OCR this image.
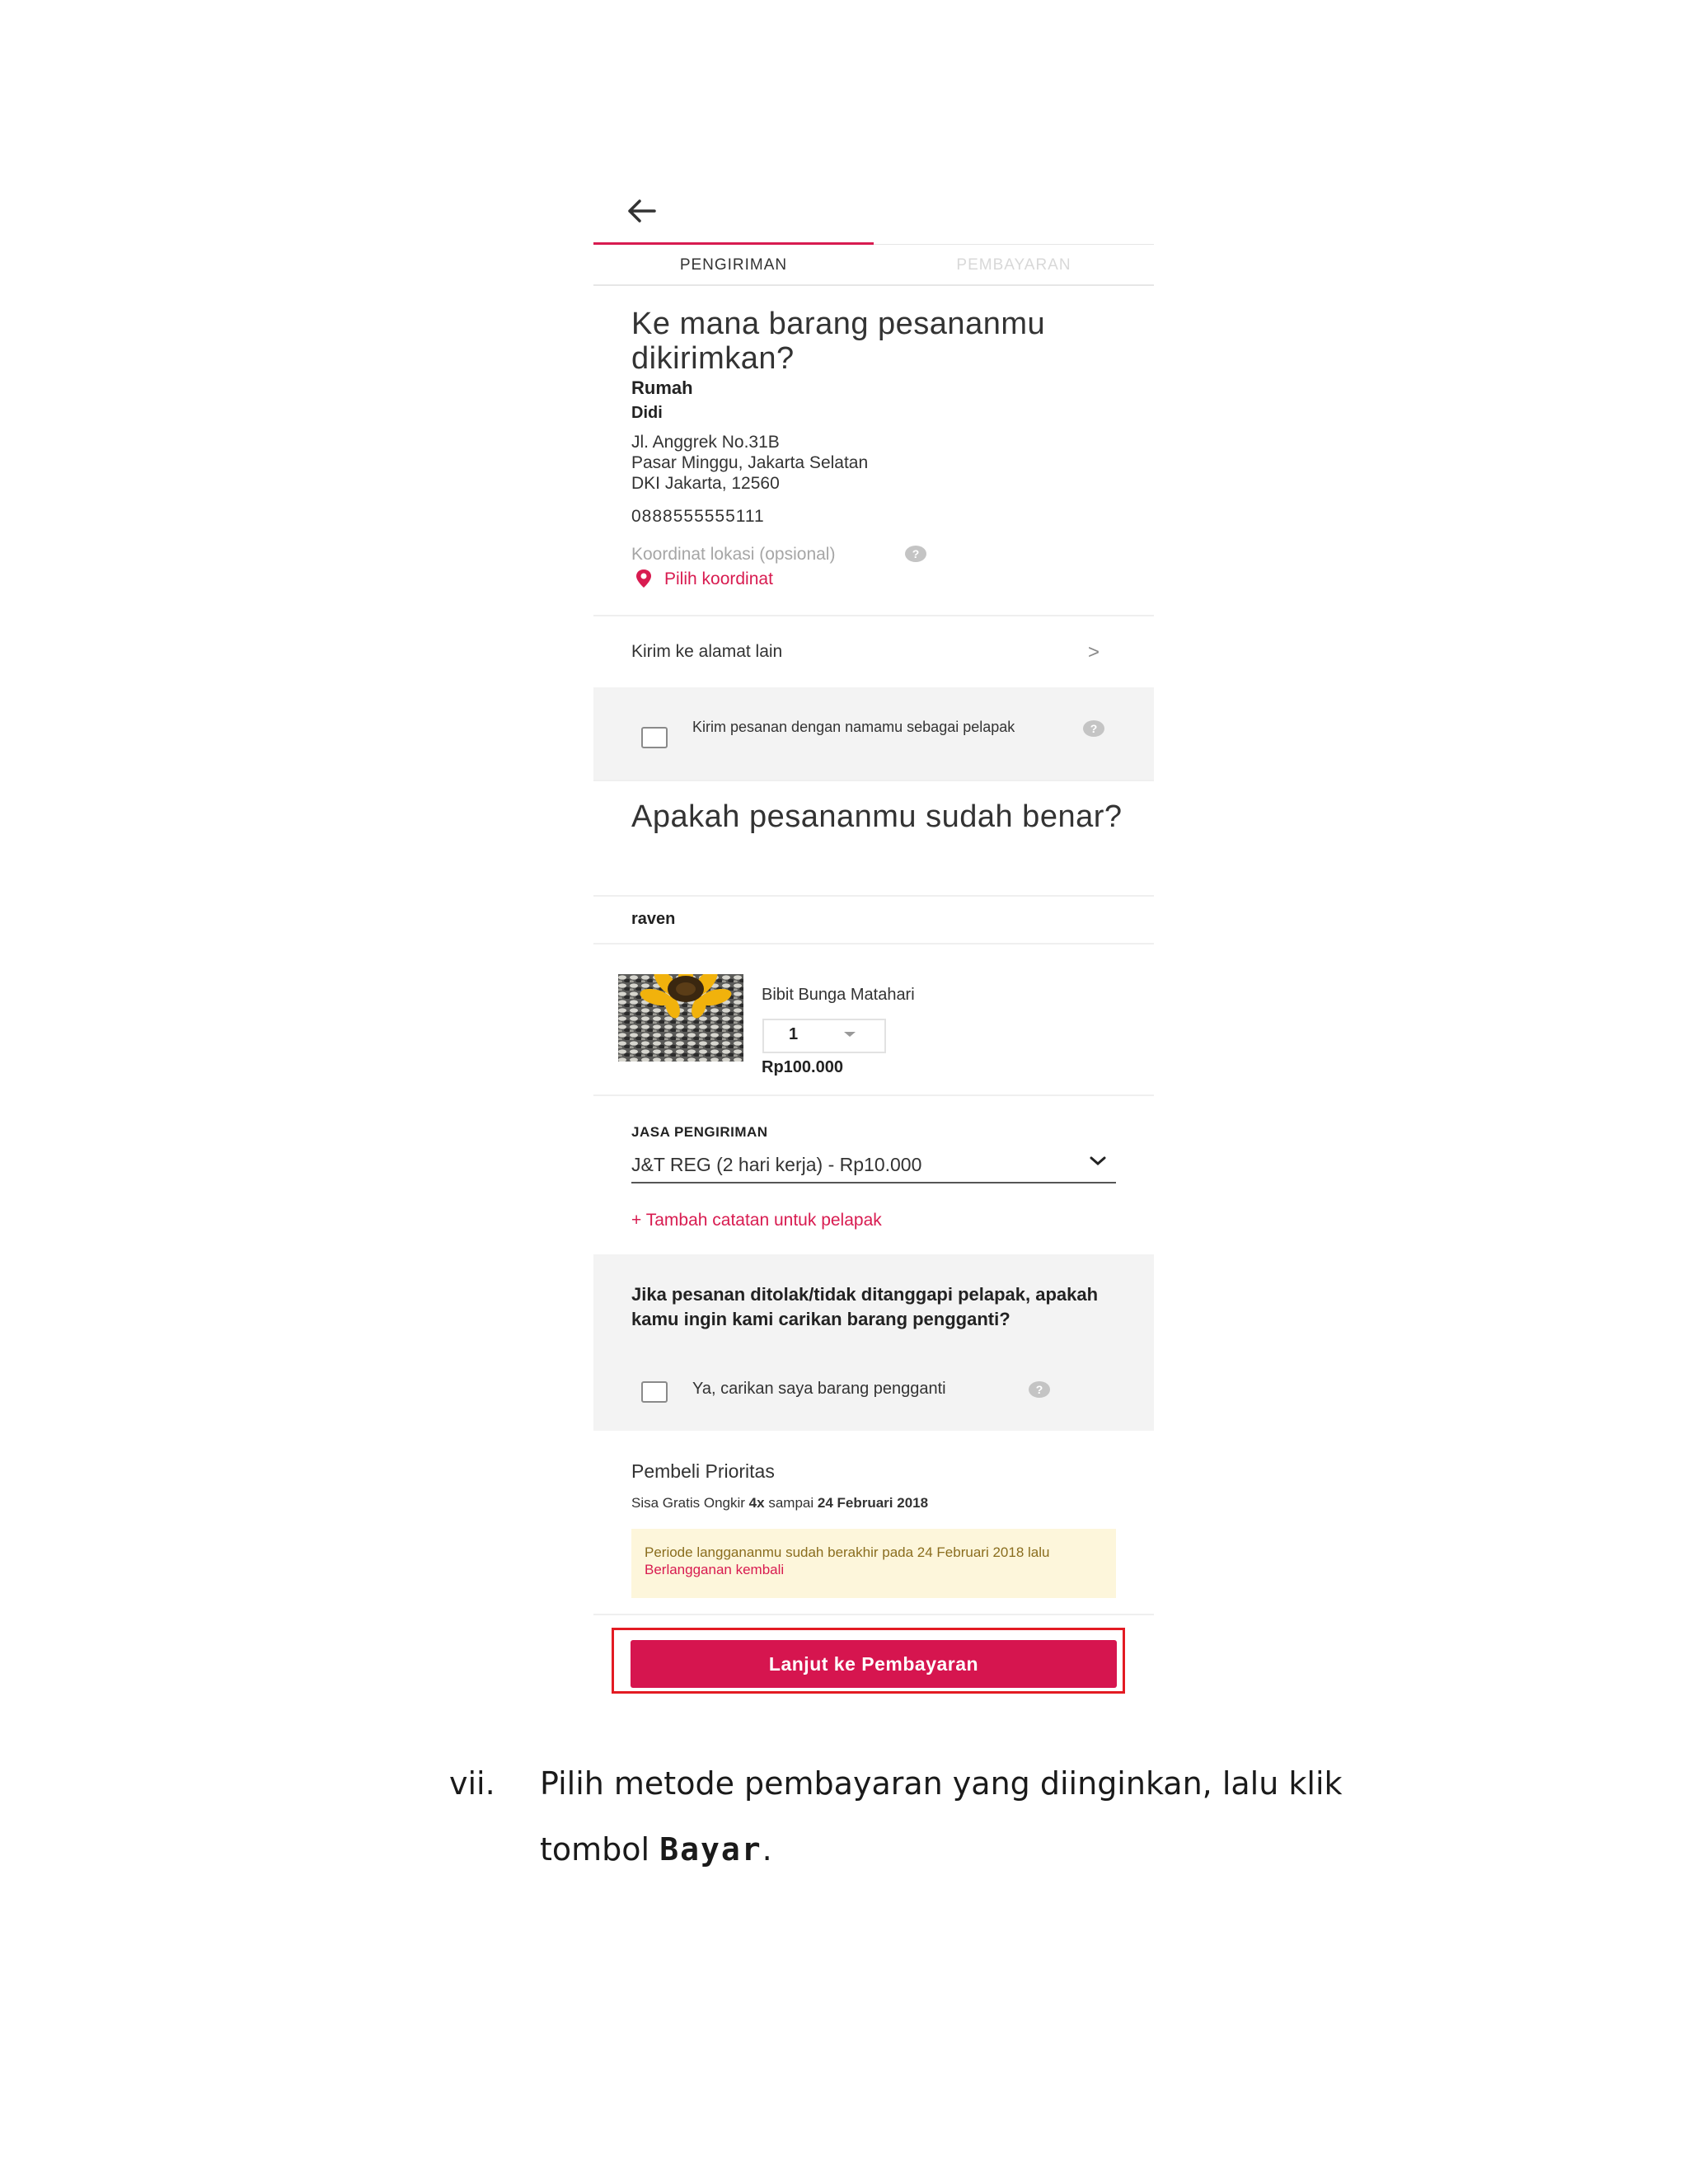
PENGIRIMAN	PEMBAYARAN
Ke mana barang pesananmu dikirimkan?
Rumah
Didi
Jl. Anggrek No.31B
Pasar Minggu, Jakarta Selatan
DKI Jakarta, 12560
0888555555111
Koordinat lokasi (opsional)	?
Pilih koordinat
Kirim ke alamat lain	>
Kirim pesanan dengan namamu sebagai pelapak	?
Apakah pesananmu sudah benar?
raven
Bibit Bunga Matahari
1
Rp100.000
JASA PENGIRIMAN
J&T REG (2 hari kerja) - Rp10.000
+ Tambah catatan untuk pelapak
Jika pesanan ditolak/tidak ditanggapi pelapak, apakah kamu ingin kami carikan barang pengganti?
Ya, carikan saya barang pengganti	?
Pembeli Prioritas
Sisa Gratis Ongkir 4x sampai 24 Februari 2018
Periode langgananmu sudah berakhir pada 24 Februari 2018 lalu Berlangganan kembali
Lanjut ke Pembayaran
vii. Pilih metode pembayaran yang diinginkan, lalu klik
tombol Bayar.
